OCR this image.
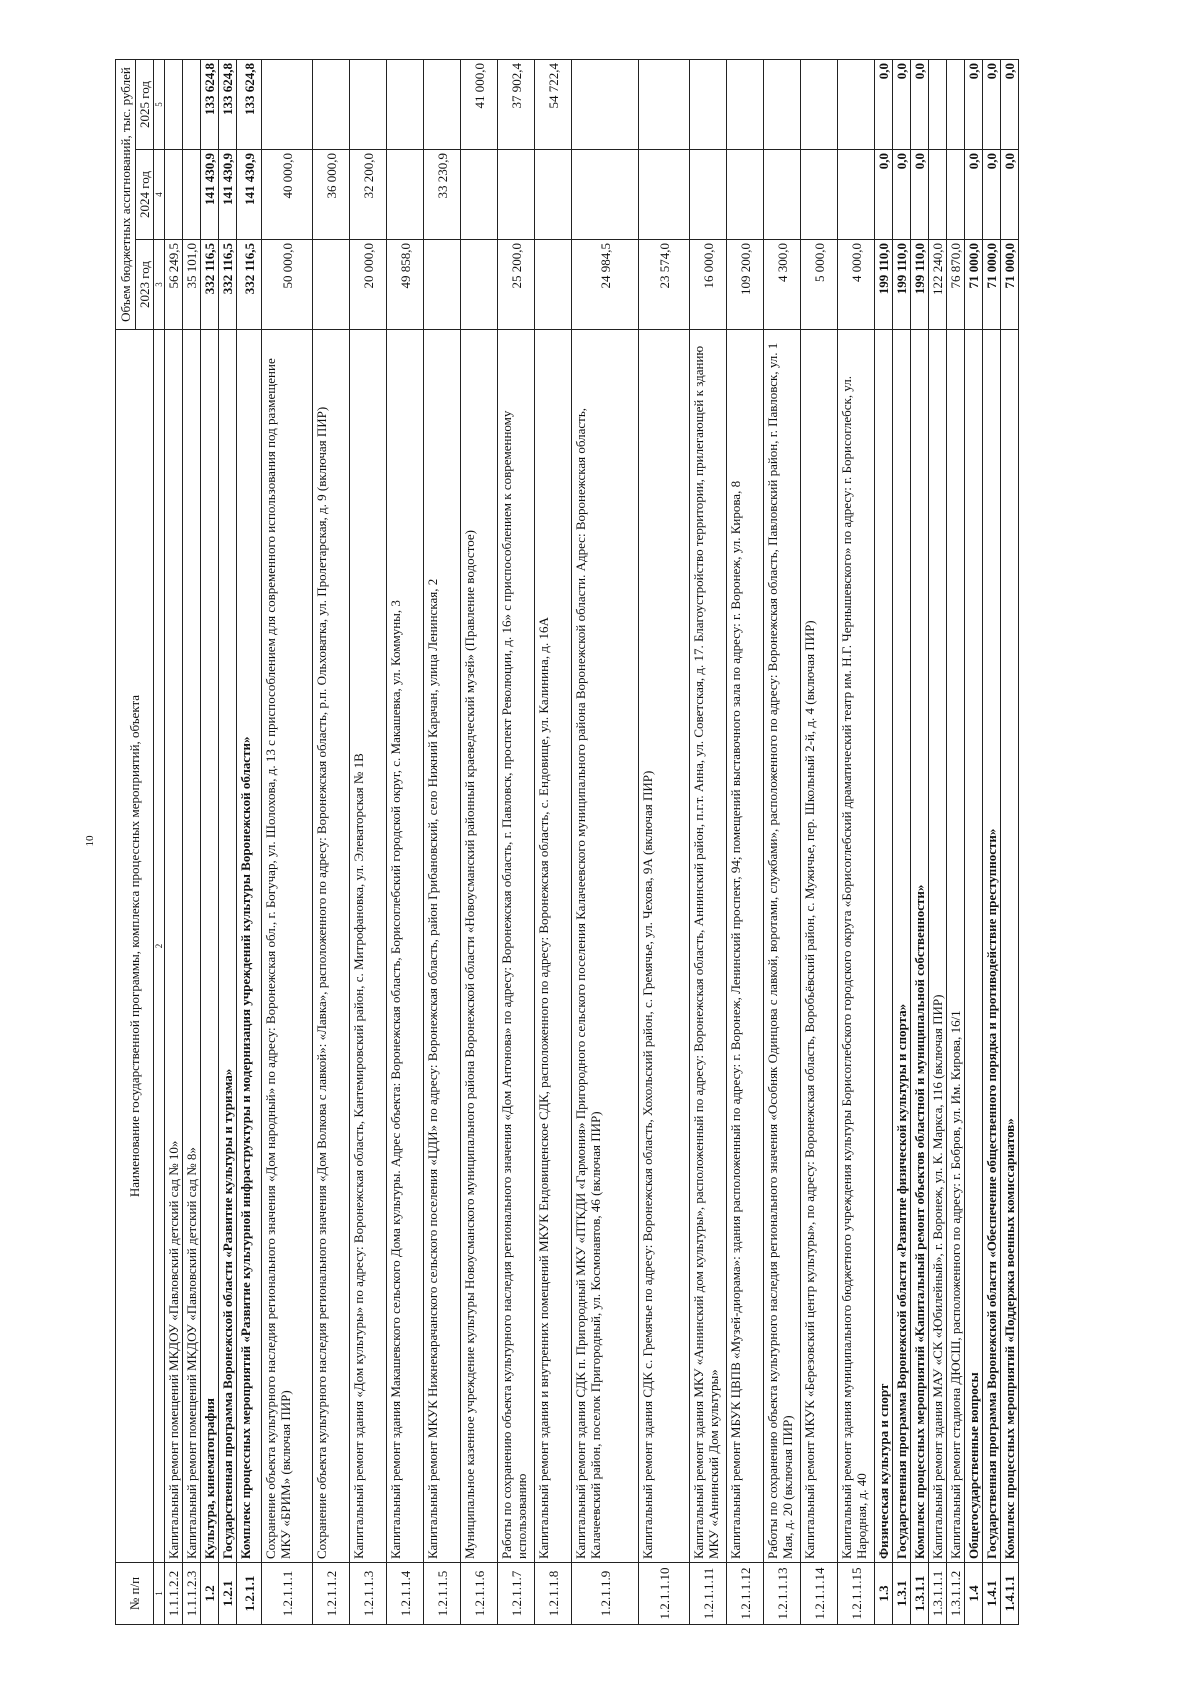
10
№ п/п	Наименование государственной программы, комплекса процессных мероприятий, объекта	Объем бюджетных ассигнований, тыс. рублей		
		2023 год	2024 год	2025 год
1	2	3	4	5
1.1.1.2.2	Капитальный ремонт помещений МКДОУ «Павловский детский сад № 10»	56 249,5		
1.1.1.2.3	Капитальный ремонт помещений МКДОУ «Павловский детский сад № 8»	35 101,0		
1.2	Культура, кинематография	332 116,5	141 430,9	133 624,8
1.2.1	Государственная программа Воронежской области «Развитие культуры и туризма»	332 116,5	141 430,9	133 624,8
1.2.1.1	Комплекс процессных мероприятий «Развитие культурной инфраструктуры и модернизация учреждений культуры Воронежской области»	332 116,5	141 430,9	133 624,8
1.2.1.1.1	Сохранение объекта культурного наследия регионального значения «Дом народный» по адресу: Воронежская обл., г. Богучар, ул. Шолохова, д. 13 с приспособлением для современного использования под размещение МКУ «БРИМ» (включая ПИР)	50 000,0	40 000,0	
1.2.1.1.2	Сохранение объекта культурного наследия регионального значения «Дом Волкова с лавкой»: «Лавка», расположенного по адресу: Воронежская область, р.п. Ольховатка, ул. Пролетарская, д. 9 (включая ПИР)		36 000,0	
1.2.1.1.3	Капитальный ремонт здания «Дом культуры» по адресу: Воронежская область, Кантемировский район, с. Митрофановка, ул. Элеваторская № 1В	20 000,0	32 200,0	
1.2.1.1.4	Капитальный ремонт здания Макашевского сельского Дома культуры. Адрес объекта: Воронежская область, Борисоглебский городской округ, с. Макашевка, ул. Коммуны, 3	49 858,0		
1.2.1.1.5	Капитальный ремонт МКУК Нижнекарачанского сельского поселения «ЦДИ» по адресу: Воронежская область, район Грибановский, село Нижний Карачан, улица Ленинская, 2		33 230,9	
1.2.1.1.6	Муниципальное казенное учреждение культуры Новоусманского муниципального района Воронежской области «Новоусманский районный краеведческий музей» (Правление водостое)			41 000,0
1.2.1.1.7	Работы по сохранению объекта культурного наследия регионального значения «Дом Антонова» по адресу: Воронежская область, г. Павловск, проспект Революции, д. 16» с приспособлением к современному использованию	25 200,0		37 902,4
1.2.1.1.8	Капитальный ремонт здания и внутренних помещений МКУК Ендовищенское СДК, расположенного по адресу: Воронежская область, с. Ендовище, ул. Калинина, д. 16А			54 722,4
1.2.1.1.9	Капитальный ремонт здания СДК п. Пригородный МКУ «ПТКДИ «Гармония» Пригородного сельского поселения Калачеевского муниципального района Воронежской области. Адрес: Воронежская область, Калачеевский район, поселок Пригородный, ул. Космонавтов, 46 (включая ПИР)	24 984,5		
1.2.1.1.10	Капитальный ремонт здания СДК с. Гремячье по адресу: Воронежская область, Хохольский район, с. Гремячье, ул. Чехова, 9А (включая ПИР)	23 574,0		
1.2.1.1.11	Капитальный ремонт здания МКУ «Аннинский дом культуры», расположенный по адресу: Воронежская область, Аннинский район, п.г.т. Анна, ул. Советская, д. 17. Благоустройство территории, прилегающей к зданию МКУ «Аннинский Дом культуры»	16 000,0		
1.2.1.1.12	Капитальный ремонт МБУК ЦВПВ «Музей-диорама»: здания расположенный по адресу: г. Воронеж, Ленинский проспект, 94; помещений выставочного зала по адресу: г. Воронеж, ул. Кирова, 8	109 200,0		
1.2.1.1.13	Работы по сохранению объекта культурного наследия регионального значения «Особняк Одинцова с лавкой, воротами, службами», расположенного по адресу: Воронежская область, Павловский район, г. Павловск, ул. 1 Мая, д. 20 (включая ПИР)	4 300,0		
1.2.1.1.14	Капитальный ремонт МКУК «Березовский центр культуры», по адресу: Воронежская область, Воробьёвский район, с. Мужичье, пер. Школьный 2-й, д. 4 (включая ПИР)	5 000,0		
1.2.1.1.15	Капитальный ремонт здания муниципального бюджетного учреждения культуры Борисоглебского городского округа «Борисоглебский драматический театр им. Н.Г. Чернышевского» по адресу: г. Борисоглебск, ул. Народная, д. 40	4 000,0		
1.3	Физическая культура и спорт	199 110,0	0,0	0,0
1.3.1	Государственная программа Воронежской области «Развитие физической культуры и спорта»	199 110,0	0,0	0,0
1.3.1.1	Комплекс процессных мероприятий «Капитальный ремонт объектов областной и муниципальной собственности»	199 110,0	0,0	0,0
1.3.1.1.1	Капитальный ремонт здания МАУ «СК «Юбилейный», г. Воронеж, ул. К. Маркса, 116 (включая ПИР)	122 240,0		
1.3.1.1.2	Капитальный ремонт стадиона ДЮСШ, расположенного по адресу: г. Бобров, ул. Им. Кирова, 16/1	76 870,0		
1.4	Общегосударственные вопросы	71 000,0	0,0	0,0
1.4.1	Государственная программа Воронежской области «Обеспечение общественного порядка и противодействие преступности»	71 000,0	0,0	0,0
1.4.1.1	Комплекс процессных мероприятий «Поддержка военных комиссариатов»	71 000,0	0,0	0,0
